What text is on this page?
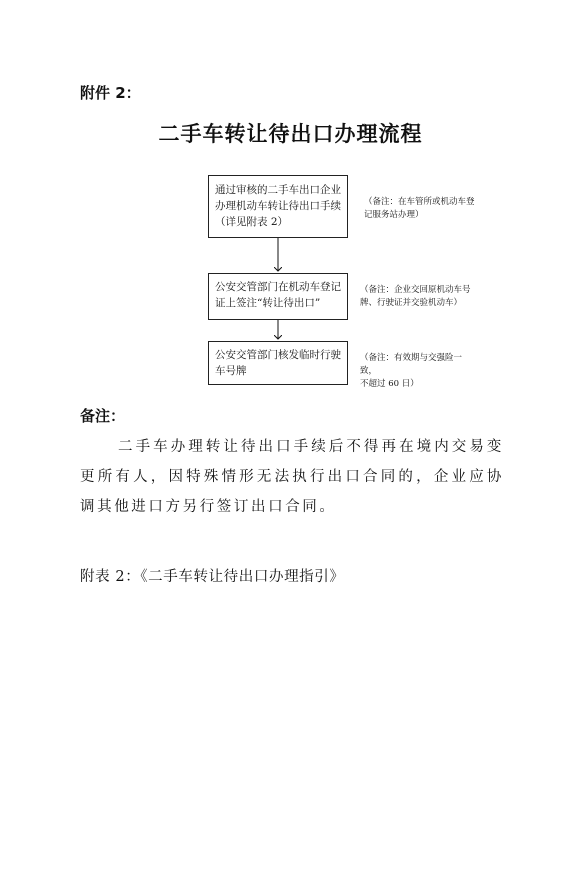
附件 2：
二手车转让待出口办理流程
通过审核的二手车出口企业
办理机动车转让待出口手续
（详见附表 2）
（备注：在车管所或机动车登
记服务站办理）
公安交管部门在机动车登记
证上签注“转让待出口”
（备注：企业交回原机动车号
牌、行驶证并交验机动车）
公安交管部门核发临时行驶
车号牌
（备注：有效期与交强险一致，
不超过 60 日）
备注：
二手车办理转让待出口手续后不得再在境内交易变更所有人，因特殊情形无法执行出口合同的，企业应协调其他进口方另行签订出口合同。
附表 2：《二手车转让待出口办理指引》
